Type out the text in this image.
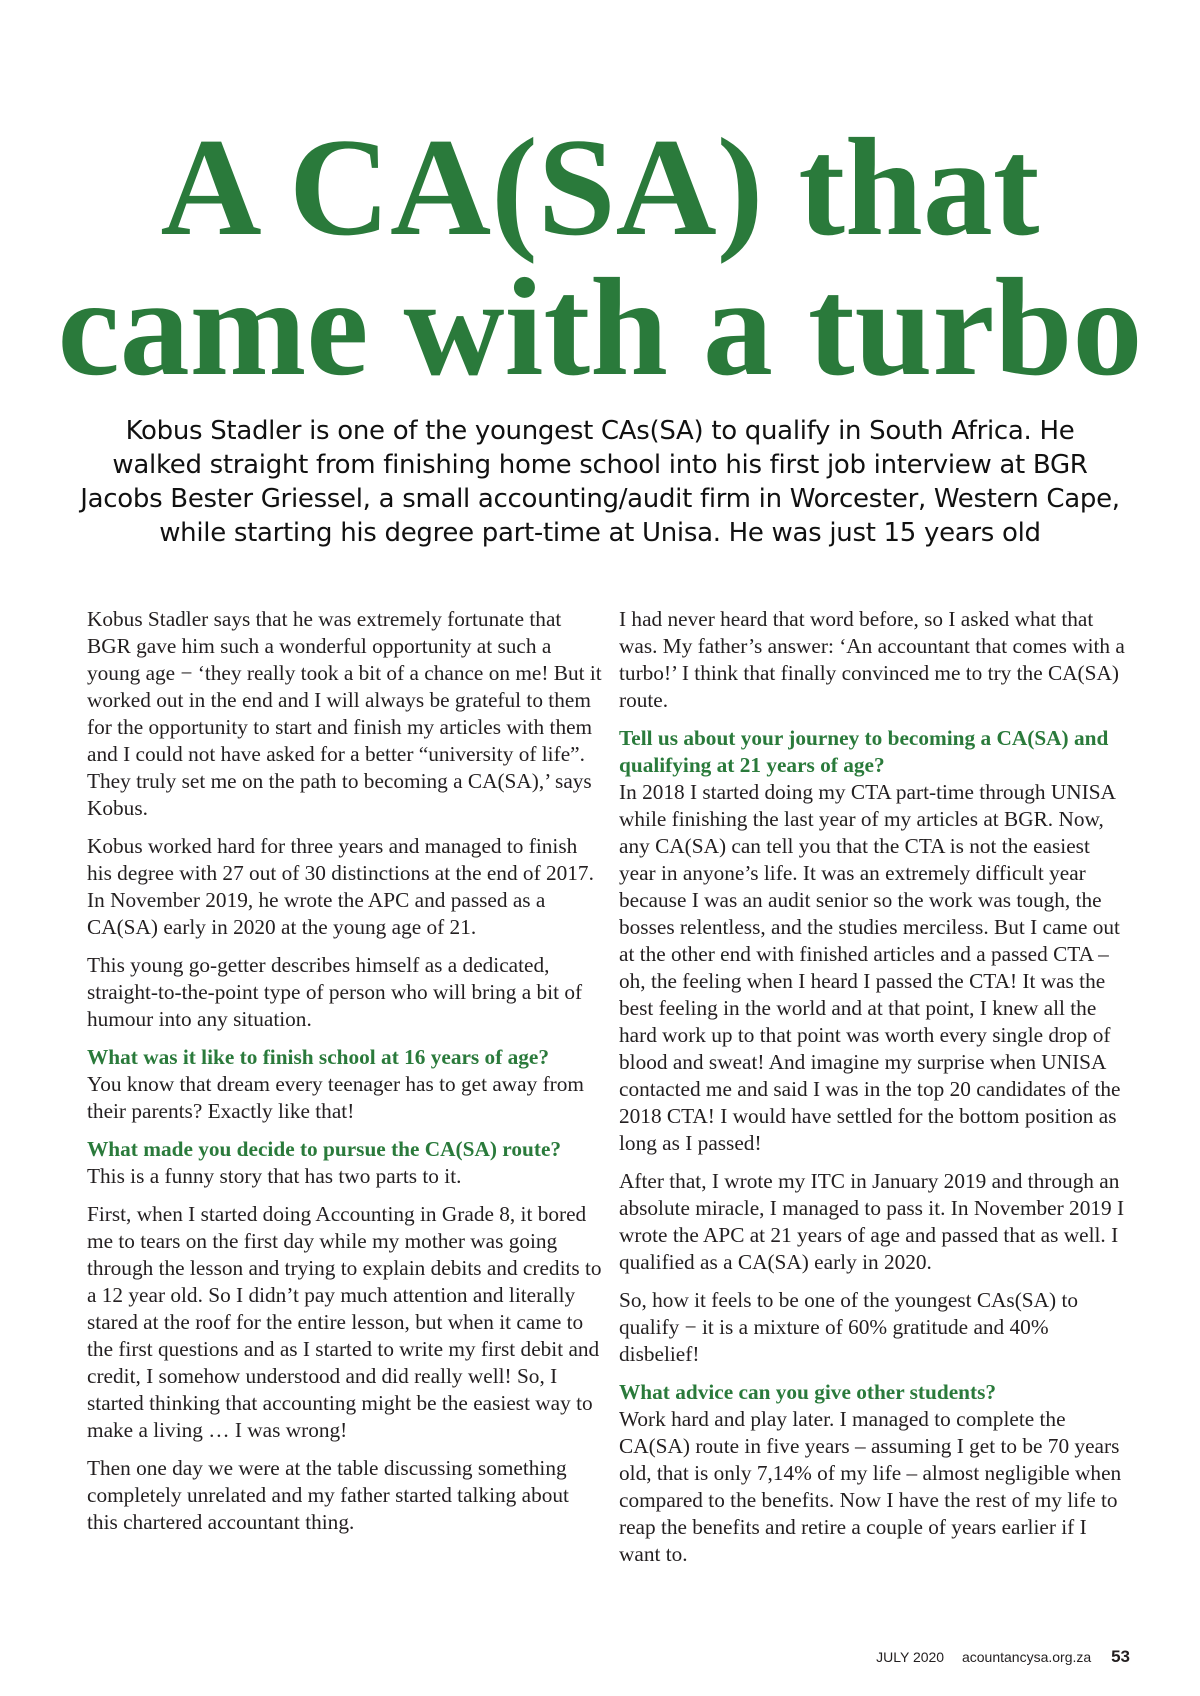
A CA(SA) that
came with a turbo

Kobus Stadler is one of the youngest CAs(SA) to qualify in South Africa. He walked straight from finishing home school into his first job interview at BGR Jacobs Bester Griessel, a small accounting/audit firm in Worcester, Western Cape, while starting his degree part-time at Unisa. He was just 15 years old

Kobus Stadler says that he was extremely fortunate that BGR gave him such a wonderful opportunity at such a young age − ‘they really took a bit of a chance on me! But it worked out in the end and I will always be grateful to them for the opportunity to start and finish my articles with them and I could not have asked for a better “university of life”. They truly set me on the path to becoming a CA(SA),’ says Kobus.

Kobus worked hard for three years and managed to finish his degree with 27 out of 30 distinctions at the end of 2017. In November 2019, he wrote the APC and passed as a CA(SA) early in 2020 at the young age of 21.

This young go-getter describes himself as a dedicated, straight-to-the-point type of person who will bring a bit of humour into any situation.

What was it like to finish school at 16 years of age?

You know that dream every teenager has to get away from their parents? Exactly like that!

What made you decide to pursue the CA(SA) route?

This is a funny story that has two parts to it.

First, when I started doing Accounting in Grade 8, it bored me to tears on the first day while my mother was going through the lesson and trying to explain debits and credits to a 12 year old. So I didn’t pay much attention and literally stared at the roof for the entire lesson, but when it came to the first questions and as I started to write my first debit and credit, I somehow understood and did really well! So, I started thinking that accounting might be the easiest way to make a living … I was wrong!

Then one day we were at the table discussing something completely unrelated and my father started talking about this chartered accountant thing.

I had never heard that word before, so I asked what that was. My father’s answer: ‘An accountant that comes with a turbo!’ I think that finally convinced me to try the CA(SA) route.

Tell us about your journey to becoming a CA(SA) and qualifying at 21 years of age?

In 2018 I started doing my CTA part-time through UNISA while finishing the last year of my articles at BGR. Now, any CA(SA) can tell you that the CTA is not the easiest year in anyone’s life. It was an extremely difficult year because I was an audit senior so the work was tough, the bosses relentless, and the studies merciless. But I came out at the other end with finished articles and a passed CTA – oh, the feeling when I heard I passed the CTA! It was the best feeling in the world and at that point, I knew all the hard work up to that point was worth every single drop of blood and sweat! And imagine my surprise when UNISA contacted me and said I was in the top 20 candidates of the 2018 CTA! I would have settled for the bottom position as long as I passed!

After that, I wrote my ITC in January 2019 and through an absolute miracle, I managed to pass it. In November 2019 I wrote the APC at 21 years of age and passed that as well. I qualified as a CA(SA) early in 2020.

So, how it feels to be one of the youngest CAs(SA) to qualify − it is a mixture of 60% gratitude and 40% disbelief!

What advice can you give other students?

Work hard and play later. I managed to complete the CA(SA) route in five years – assuming I get to be 70 years old, that is only 7,14% of my life – almost negligible when compared to the benefits. Now I have the rest of my life to reap the benefits and retire a couple of years earlier if I want to.

JULY 2020 acountancysa.org.za 53
